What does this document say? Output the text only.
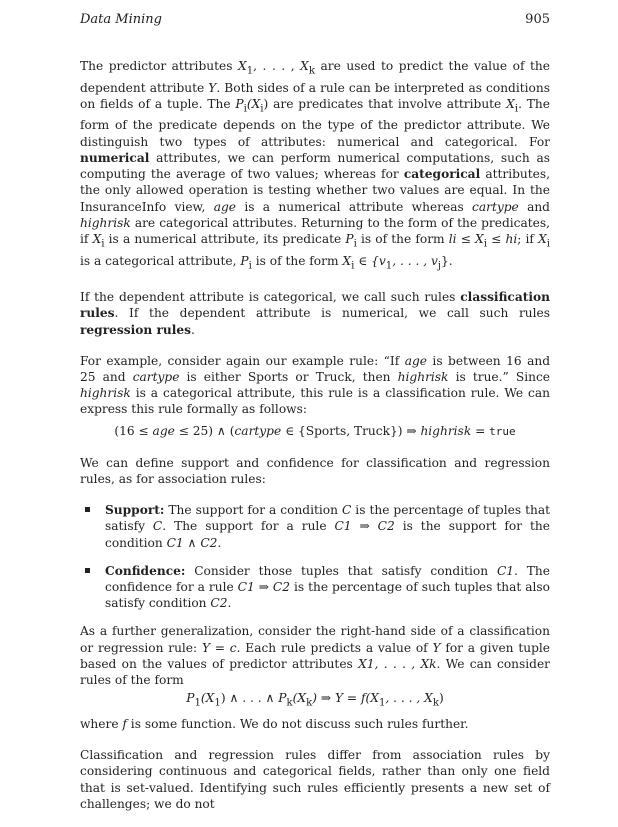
Data Mining	905

The predictor attributes $X_1$, . . . , $X_k$ are used to predict the value of the dependent attribute Y. Both sides of a rule can be interpreted as conditions on fields of a tuple. The $P_i(X_i)$ are predicates that involve attribute $X_i$. The form of the predicate depends on the type of the predictor attribute. We distinguish two types of attributes: numerical and categorical. For numerical attributes, we can perform numerical computations, such as computing the average of two values; whereas for categorical attributes, the only allowed operation is testing whether two values are equal. In the InsuranceInfo view, age is a numerical attribute whereas cartype and highrisk are categorical attributes. Returning to the form of the predicates, if $X_i$ is a numerical attribute, its predicate $P_i$ is of the form li ≤ $X_i$ ≤ hi; if $X_i$ is a categorical attribute, $P_i$ is of the form $X_i$ ∈ {$v_1$, . . . , $v_j$}.

If the dependent attribute is categorical, we call such rules classification rules. If the dependent attribute is numerical, we call such rules regression rules.

For example, consider again our example rule: “If age is between 16 and 25 and cartype is either Sports or Truck, then highrisk is true.” Since highrisk is a categorical attribute, this rule is a classification rule. We can express this rule formally as follows:

(16 ≤ age ≤ 25) ∧ (cartype ∈ {Sports, Truck}) ⇒ highrisk = true

We can define support and confidence for classification and regression rules, as for association rules:

Support: The support for a condition C is the percentage of tuples that satisfy C. The support for a rule C1 ⇒ C2 is the support for the condition C1 ∧ C2.
Confidence: Consider those tuples that satisfy condition C1. The confidence for a rule C1 ⇒ C2 is the percentage of such tuples that also satisfy condition C2.

As a further generalization, consider the right-hand side of a classification or regression rule: Y = c. Each rule predicts a value of Y for a given tuple based on the values of predictor attributes X1, . . . , Xk. We can consider rules of the form

$P_1(X_1)$ ∧ . . . ∧ $P_k(X_k)$ ⇒ $Y = f(X_1$, . . . , $X_k$)

where f is some function. We do not discuss such rules further.

Classification and regression rules differ from association rules by considering continuous and categorical fields, rather than only one field that is set-valued. Identifying such rules efficiently presents a new set of challenges; we do not
